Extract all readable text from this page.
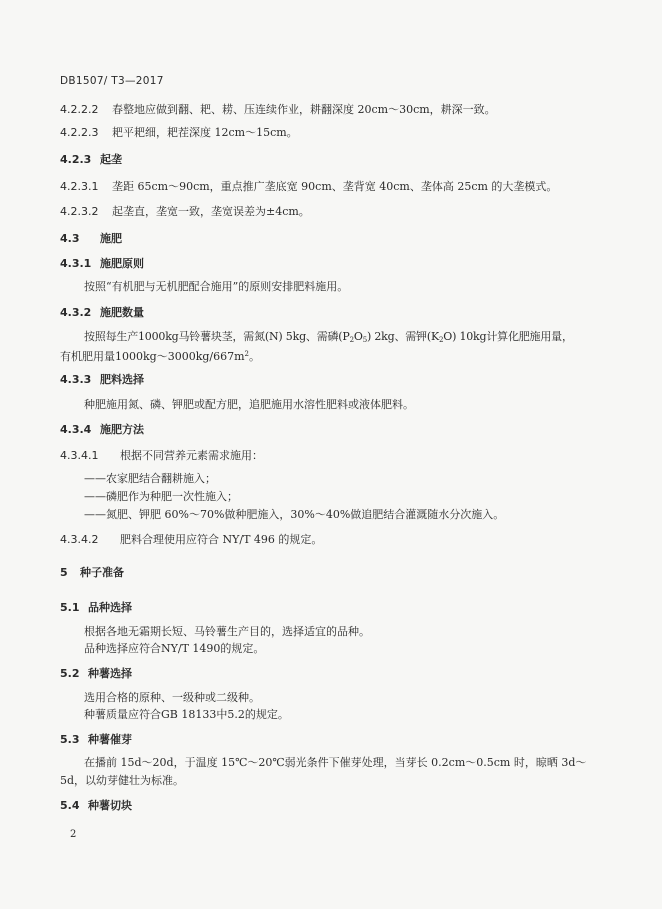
DB1507/ T3—2017
4.2.2.2 春整地应做到翻、耙、耢、压连续作业，耕翻深度 20cm～30cm，耕深一致。
4.2.2.3 耙平耙细，耙茬深度 12cm～15cm。
4.2.3 起垄
4.2.3.1 垄距 65cm～90cm，重点推广垄底宽 90cm、垄背宽 40cm、垄体高 25cm 的大垄模式。
4.2.3.2 起垄直，垄宽一致，垄宽误差为±4cm。
4.3 施肥
4.3.1 施肥原则
按照“有机肥与无机肥配合施用”的原则安排肥料施用。
4.3.2 施肥数量
按照每生产1000kg马铃薯块茎，需氮(N) 5kg、需磷$(P_2O_5)$ 2kg、需钾$(K_2O)$ 10kg计算化肥施用量，
有机肥用量$1000kg\sim 3000kg/667m^2$。
4.3.3 肥料选择
种肥施用氮、磷、钾肥或配方肥，追肥施用水溶性肥料或液体肥料。
4.3.4 施肥方法
4.3.4.1 根据不同营养元素需求施用：
——农家肥结合翻耕施入；
——磷肥作为种肥一次性施入；
——氮肥、钾肥 60%～70%做种肥施入，30%～40%做追肥结合灌溉随水分次施入。
4.3.4.2 肥料合理使用应符合 NY/T 496 的规定。
5 种子准备
5.1 品种选择
根据各地无霜期长短、马铃薯生产目的，选择适宜的品种。
品种选择应符合NY/T 1490的规定。
5.2 种薯选择
选用合格的原种、一级种或二级种。
种薯质量应符合GB 18133中5.2的规定。
5.3 种薯催芽
在播前 15d～20d，于温度 15℃～20℃弱光条件下催芽处理，当芽长 0.2cm～0.5cm 时，晾晒 3d～
5d，以幼芽健壮为标准。
5.4 种薯切块
2
